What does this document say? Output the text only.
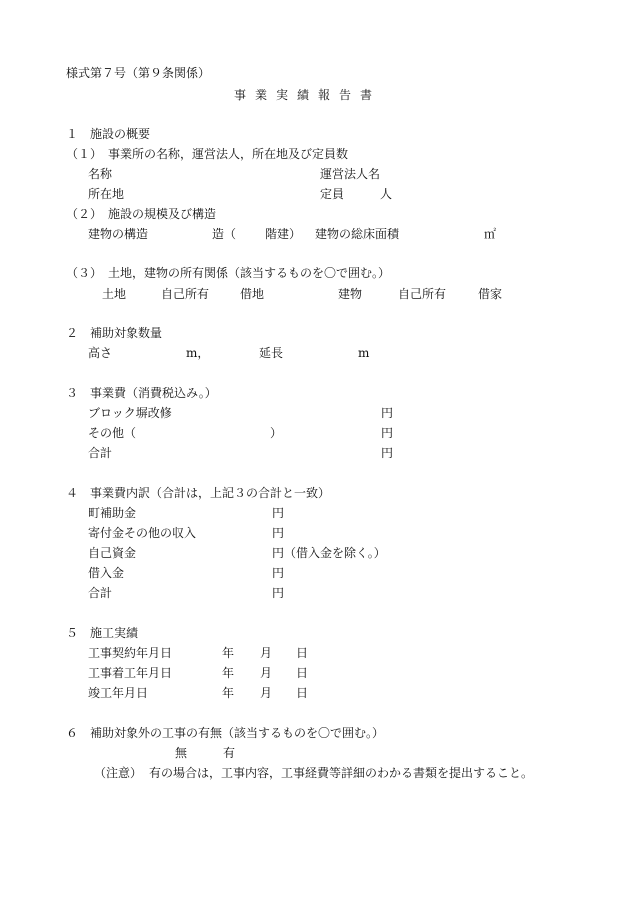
様式第７号（第９条関係）
事業実績報告書
１　施設の概要
（１）　事業所の名称，運営法人，所在地及び定員数
名称	運営法人名
所在地	定員	人
（２）　施設の規模及び構造
建物の構造	造（ 階建） 建物の総床面積	㎡
（３）　土地，建物の所有関係（該当するものを〇で囲む。）
土地	自己所有	借地	建物	自己所有	借家
２　補助対象数量
高さ	m，	延長	m
３　事業費（消費税込み。）
ブロック塀改修	円
その他（	）	円
合計	円
４　事業費内訳（合計は，上記３の合計と一致）
町補助金	円
寄付金その他の収入	円
自己資金	円（借入金を除く。）
借入金	円
合計	円
５　施工実績
工事契約年月日	年 月 日
工事着工年月日	年 月 日
竣工年月日	年 月 日
６　補助対象外の工事の有無（該当するものを〇で囲む。）
無	有
（注意） 有の場合は，工事内容，工事経費等詳細のわかる書類を提出すること。
